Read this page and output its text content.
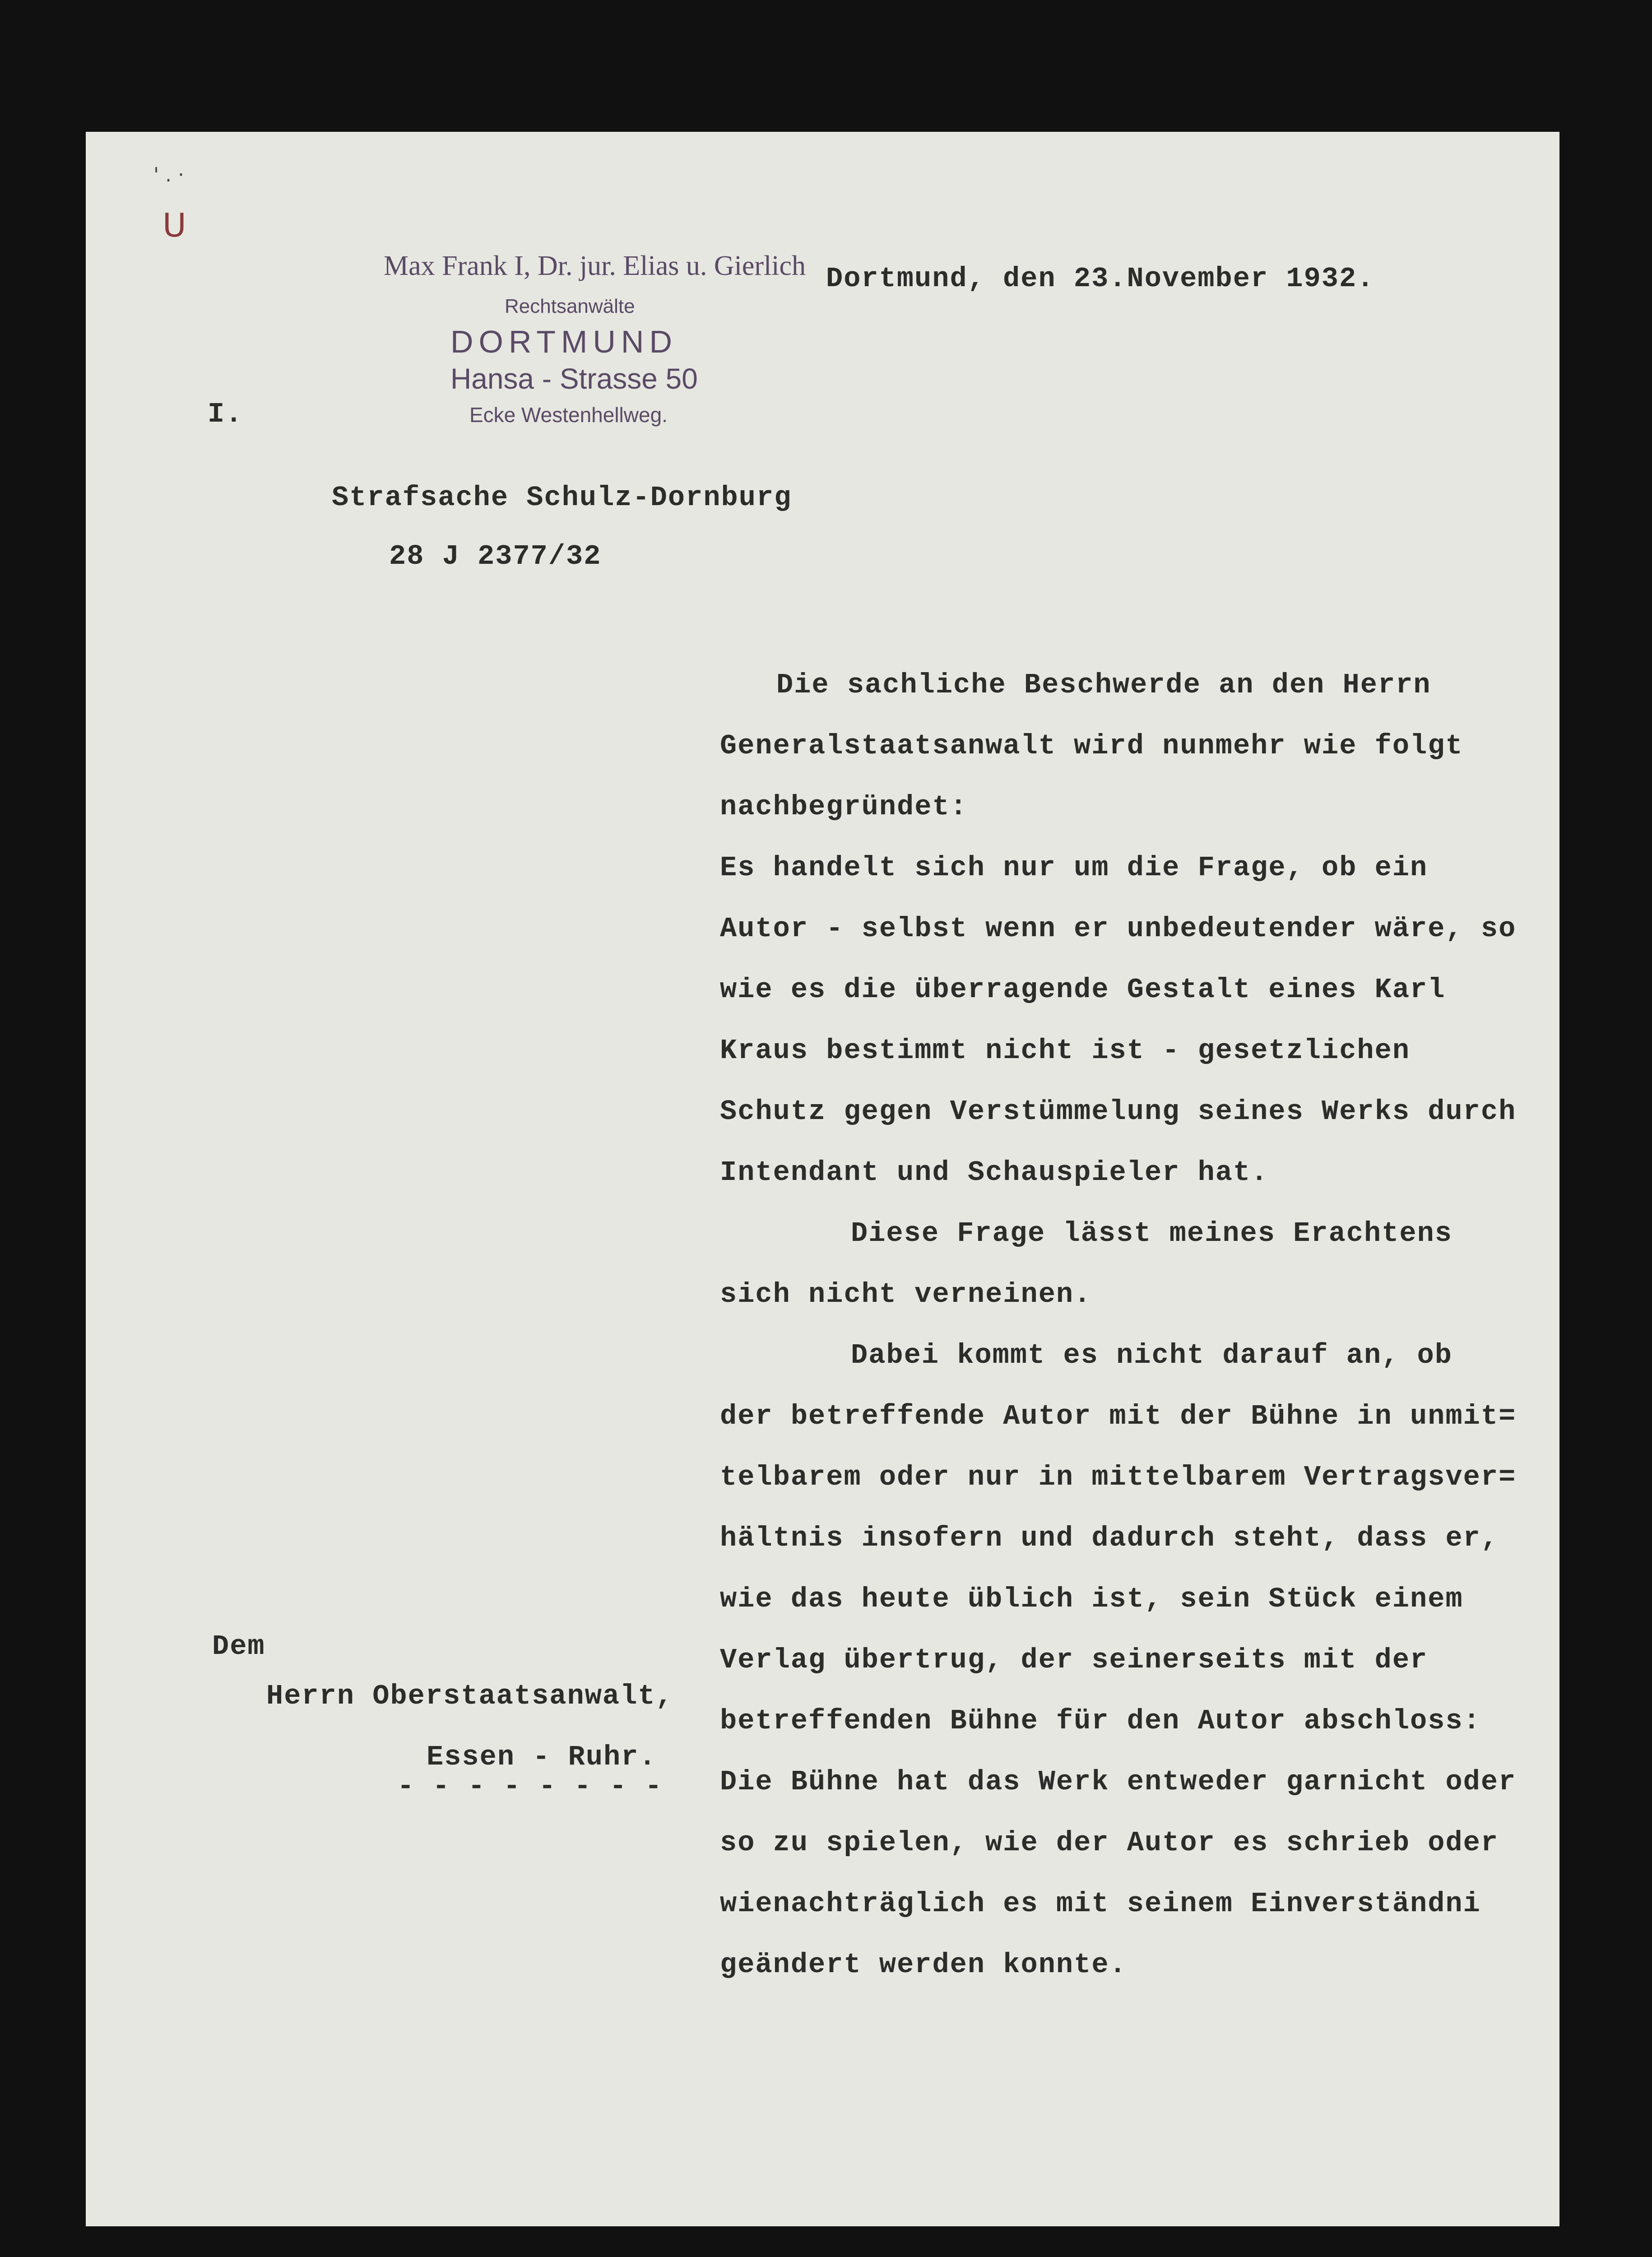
' . ·
U
Max Frank I, Dr. jur. Elias u. Gierlich
Rechtsanwälte
DORTMUND
Hansa - Strasse 50
Ecke Westenhellweg.
Dortmund, den 23.November 1932.
I.
Strafsache Schulz-Dornburg
28 J 2377/32
Dem
Herrn Oberstaatsanwalt,
Essen - Ruhr.
- - - - - - - -
Die sachliche Beschwerde an den Herrn
Generalstaatsanwalt wird nunmehr wie folgt
nachbegründet:
Es handelt sich nur um die Frage, ob ein
Autor - selbst wenn er unbedeutender wäre, so
wie es die überragende Gestalt eines Karl
Kraus bestimmt nicht ist - gesetzlichen
Schutz gegen Verstümmelung seines Werks durch
Intendant und Schauspieler hat.
Diese Frage lässt meines Erachtens
sich nicht verneinen.
Dabei kommt es nicht darauf an, ob
der betreffende Autor mit der Bühne in unmit=
telbarem oder nur in mittelbarem Vertragsver=
hältnis insofern und dadurch steht, dass er,
wie das heute üblich ist, sein Stück einem
Verlag übertrug, der seinerseits mit der
betreffenden Bühne für den Autor abschloss:
Die Bühne hat das Werk entweder garnicht oder
so zu spielen, wie der Autor es schrieb oder
wienachträglich es mit seinem Einverständni
geändert werden konnte.
